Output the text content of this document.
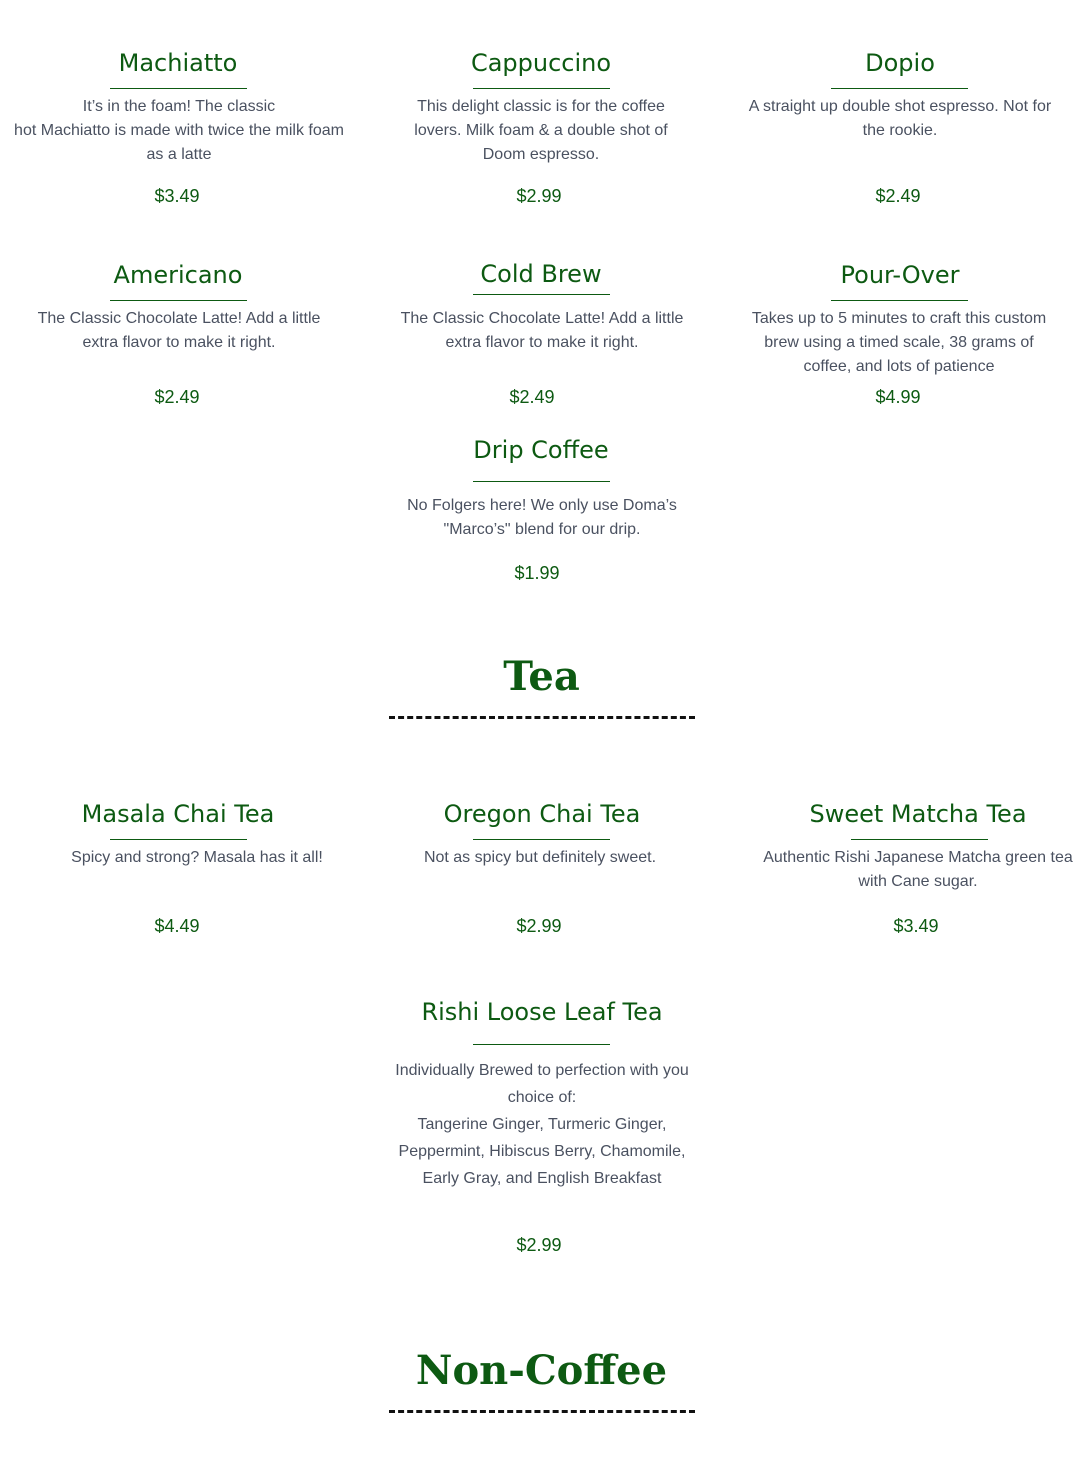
Machiatto
It’s in the foam! The classic
hot Machiatto is made with twice the milk foam as a latte
$3.49
Cappuccino
This delight classic is for the coffee lovers. Milk foam & a double shot of Doom espresso.
$2.99
Dopio
A straight up double shot espresso. Not for the rookie.
$2.49
Americano
The Classic Chocolate Latte! Add a little extra flavor to make it right.
$2.49
Cold Brew
The Classic Chocolate Latte! Add a little extra flavor to make it right.
$2.49
Pour-Over
Takes up to 5 minutes to craft this custom brew using a timed scale, 38 grams of coffee, and lots of patience
$4.99
Drip Coffee
No Folgers here! We only use Doma’s "Marco’s" blend for our drip.
$1.99
Tea
Masala Chai Tea
Spicy and strong? Masala has it all!
$4.49
Oregon Chai Tea
Not as spicy but definitely sweet.
$2.99
Sweet Matcha Tea
Authentic Rishi Japanese Matcha green tea with Cane sugar.
$3.49
Rishi Loose Leaf Tea
Individually Brewed to perfection with you choice of:
Tangerine Ginger, Turmeric Ginger, Peppermint, Hibiscus Berry, Chamomile, Early Gray, and English Breakfast
$2.99
Non-Coffee
